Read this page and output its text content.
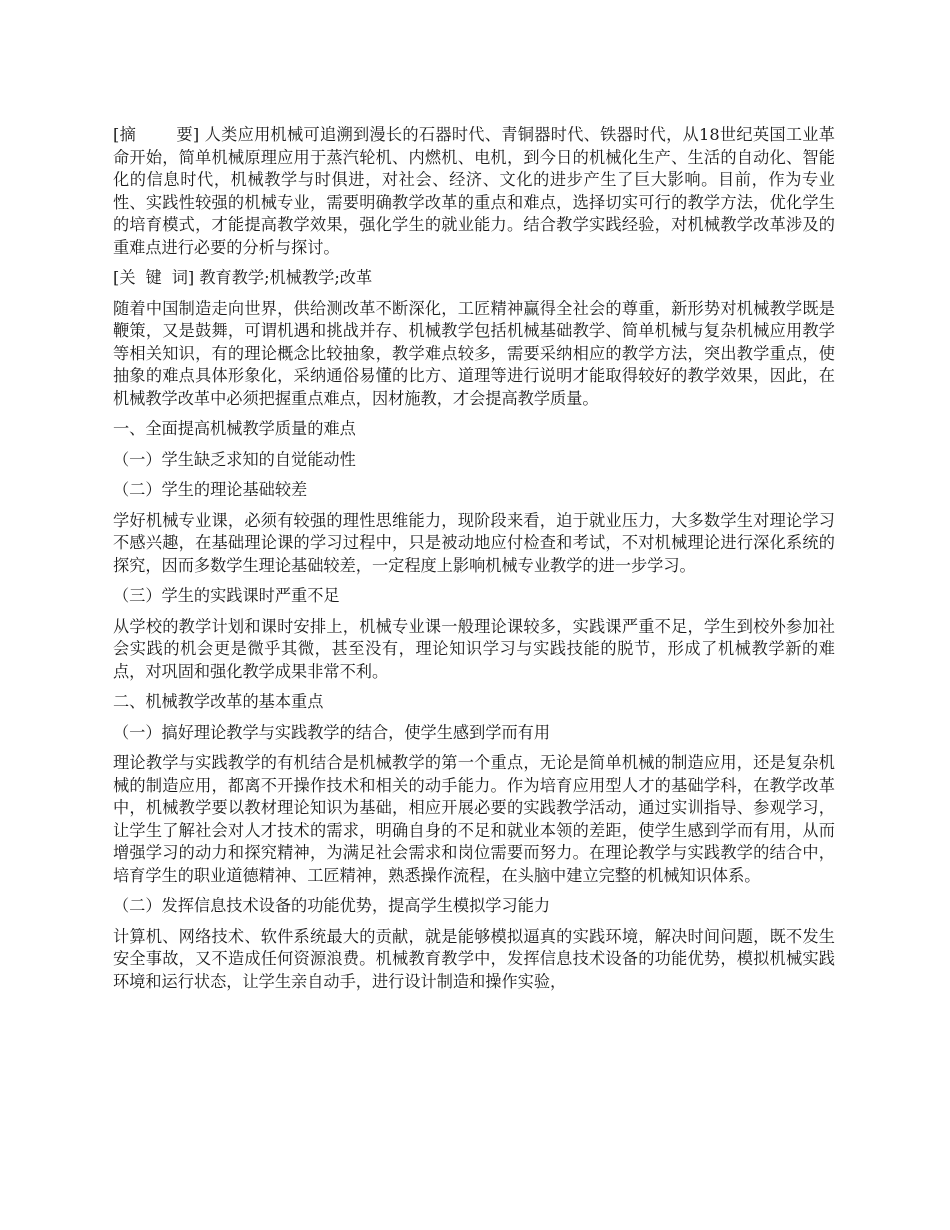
[摘 要] 人类应用机械可追溯到漫长的石器时代、青铜器时代、铁器时代，从18世纪英国工业革命开始，简单机械原理应用于蒸汽轮机、内燃机、电机，到今日的机械化生产、生活的自动化、智能化的信息时代，机械教学与时俱进，对社会、经济、文化的进步产生了巨大影响。目前，作为专业性、实践性较强的机械专业，需要明确教学改革的重点和难点，选择切实可行的教学方法，优化学生的培育模式，才能提高教学效果，强化学生的就业能力。结合教学实践经验，对机械教学改革涉及的重难点进行必要的分析与探讨。

[关 键 词] 教育教学;机械教学;改革

随着中国制造走向世界，供给测改革不断深化，工匠精神赢得全社会的尊重，新形势对机械教学既是鞭策，又是鼓舞，可谓机遇和挑战并存、机械教学包括机械基础教学、简单机械与复杂机械应用教学等相关知识，有的理论概念比较抽象，教学难点较多，需要采纳相应的教学方法，突出教学重点，使抽象的难点具体形象化，采纳通俗易懂的比方、道理等进行说明才能取得较好的教学效果，因此，在机械教学改革中必须把握重点难点，因材施教，才会提高教学质量。

一、全面提高机械教学质量的难点

（一）学生缺乏求知的自觉能动性

（二）学生的理论基础较差

学好机械专业课，必须有较强的理性思维能力，现阶段来看，迫于就业压力，大多数学生对理论学习不感兴趣，在基础理论课的学习过程中，只是被动地应付检查和考试，不对机械理论进行深化系统的探究，因而多数学生理论基础较差，一定程度上影响机械专业教学的进一步学习。

（三）学生的实践课时严重不足

从学校的教学计划和课时安排上，机械专业课一般理论课较多，实践课严重不足，学生到校外参加社会实践的机会更是微乎其微，甚至没有，理论知识学习与实践技能的脱节，形成了机械教学新的难点，对巩固和强化教学成果非常不利。

二、机械教学改革的基本重点

（一）搞好理论教学与实践教学的结合，使学生感到学而有用

理论教学与实践教学的有机结合是机械教学的第一个重点，无论是简单机械的制造应用，还是复杂机械的制造应用，都离不开操作技术和相关的动手能力。作为培育应用型人才的基础学科，在教学改革中，机械教学要以教材理论知识为基础，相应开展必要的实践教学活动，通过实训指导、参观学习，让学生了解社会对人才技术的需求，明确自身的不足和就业本领的差距，使学生感到学而有用，从而增强学习的动力和探究精神，为满足社会需求和岗位需要而努力。在理论教学与实践教学的结合中，培育学生的职业道德精神、工匠精神，熟悉操作流程，在头脑中建立完整的机械知识体系。

（二）发挥信息技术设备的功能优势，提高学生模拟学习能力

计算机、网络技术、软件系统最大的贡献，就是能够模拟逼真的实践环境，解决时间问题，既不发生安全事故，又不造成任何资源浪费。机械教育教学中，发挥信息技术设备的功能优势，模拟机械实践环境和运行状态，让学生亲自动手，进行设计制造和操作实验，
